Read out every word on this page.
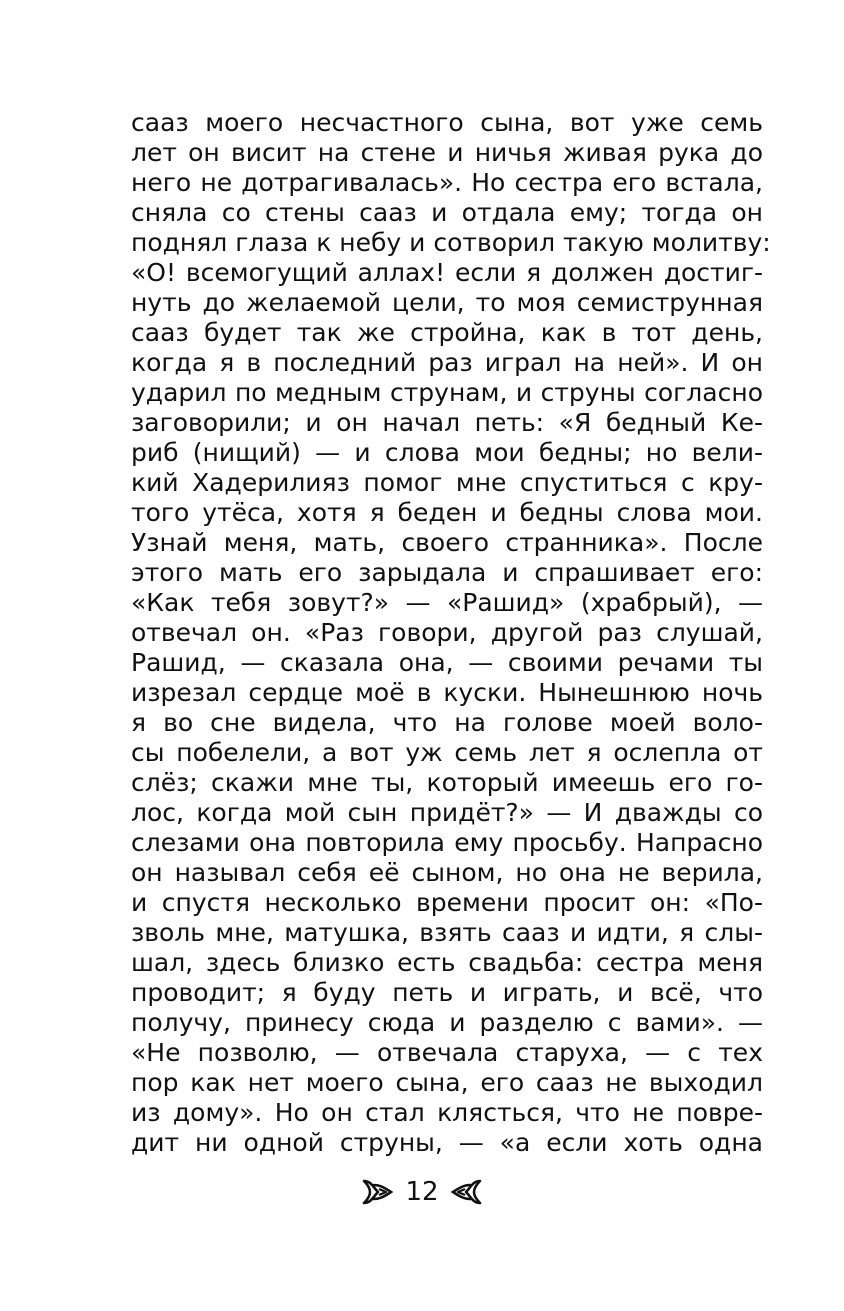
сааз моего несчастного сына, вот уже семь
лет он висит на стене и ничья живая рука до
него не дотрагивалась». Но сестра его встала,
сняла со стены сааз и отдала ему; тогда он
поднял глаза к небу и сотворил такую молитву:
«О! всемогущий аллах! если я должен достиг-
нуть до желаемой цели, то моя семиструнная
сааз будет так же стройна, как в тот день,
когда я в последний раз играл на ней». И он
ударил по медным струнам, и струны согласно
заговорили; и он начал петь: «Я бедный Ке-
риб (нищий) — и слова мои бедны; но вели-
кий Хадерилияз помог мне спуститься с кру-
того утёса, хотя я беден и бедны слова мои.
Узнай меня, мать, своего странника». После
этого мать его зарыдала и спрашивает его:
«Как тебя зовут?» — «Рашид» (храбрый), —
отвечал он. «Раз говори, другой раз слушай,
Рашид, — сказала она, — своими речами ты
изрезал сердце моё в куски. Нынешнюю ночь
я во сне видела, что на голове моей воло-
сы побелели, а вот уж семь лет я ослепла от
слёз; скажи мне ты, который имеешь его го-
лос, когда мой сын придёт?» — И дважды со
слезами она повторила ему просьбу. Напрасно
он называл себя её сыном, но она не верила,
и спустя несколько времени просит он: «По-
зволь мне, матушка, взять сааз и идти, я слы-
шал, здесь близко есть свадьба: сестра меня
проводит; я буду петь и играть, и всё, что
получу, принесу сюда и разделю с вами». —
«Не позволю, — отвечала старуха, — с тех
пор как нет моего сына, его сааз не выходил
из дому». Но он стал клясться, что не повре-
дит ни одной струны, — «а если хоть одна
12
